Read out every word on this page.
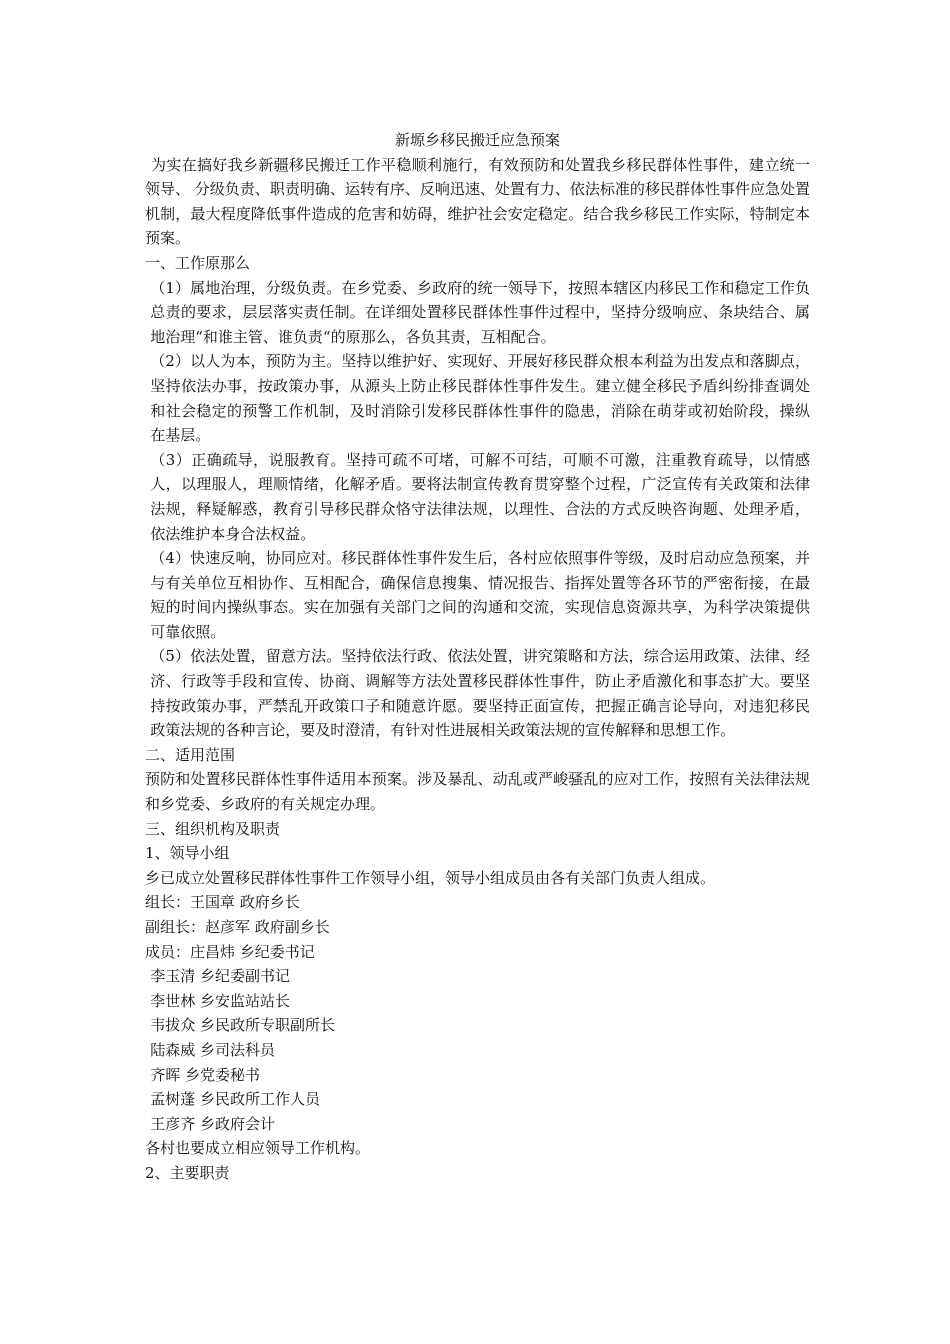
新塬乡移民搬迁应急预案

为实在搞好我乡新疆移民搬迁工作平稳顺利施行，有效预防和处置我乡移民群体性事件，建立统一领导、 分级负责、职责明确、运转有序、反响迅速、处置有力、依法标准的移民群体性事件应急处置机制，最大程度降低事件造成的危害和妨碍，维护社会安定稳定。结合我乡移民工作实际，特制定本预案。

一、工作原那么

（1）属地治理，分级负责。在乡党委、乡政府的统一领导下，按照本辖区内移民工作和稳定工作负总责的要求，层层落实责任制。在详细处置移民群体性事件过程中，坚持分级响应、条块结合、属地治理“和谁主管、谁负责“的原那么，各负其责，互相配合。

（2）以人为本，预防为主。坚持以维护好、实现好、开展好移民群众根本利益为出发点和落脚点，坚持依法办事，按政策办事，从源头上防止移民群体性事件发生。建立健全移民予盾纠纷排查调处和社会稳定的预警工作机制，及时消除引发移民群体性事件的隐患，消除在萌芽或初始阶段，操纵在基层。

（3）正确疏导，说服教育。坚持可疏不可堵，可解不可结，可顺不可激，注重教育疏导，以情感人，以理服人，理顺情绪，化解矛盾。要将法制宣传教育贯穿整个过程，广泛宣传有关政策和法律法规，释疑解惑，教育引导移民群众恪守法律法规，以理性、合法的方式反映咨询题、处理矛盾，依法维护本身合法权益。

（4）快速反响，协同应对。移民群体性事件发生后，各村应依照事件等级，及时启动应急预案，并与有关单位互相协作、互相配合，确保信息搜集、情况报告、指挥处置等各环节的严密衔接，在最短的时间内操纵事态。实在加强有关部门之间的沟通和交流，实现信息资源共享，为科学决策提供可靠依照。

（5）依法处置，留意方法。坚持依法行政、依法处置，讲究策略和方法，综合运用政策、法律、经济、行政等手段和宣传、协商、调解等方法处置移民群体性事件，防止矛盾激化和事态扩大。要坚持按政策办事，严禁乱开政策口子和随意许愿。要坚持正面宣传，把握正确言论导向，对违犯移民政策法规的各种言论，要及时澄清，有针对性进展相关政策法规的宣传解释和思想工作。

二、适用范围

预防和处置移民群体性事件适用本预案。涉及暴乱、动乱或严峻骚乱的应对工作，按照有关法律法规和乡党委、乡政府的有关规定办理。

三、组织机构及职责

1、领导小组

乡已成立处置移民群体性事件工作领导小组，领导小组成员由各有关部门负责人组成。

组长：王国章 政府乡长

副组长：赵彦军 政府副乡长

成员：庄昌炜 乡纪委书记

李玉清 乡纪委副书记

李世林 乡安监站站长

韦拔众 乡民政所专职副所长

陆森威 乡司法科员

齐晖 乡党委秘书

孟树蓬 乡民政所工作人员

王彦齐 乡政府会计

各村也要成立相应领导工作机构。

2、主要职责
